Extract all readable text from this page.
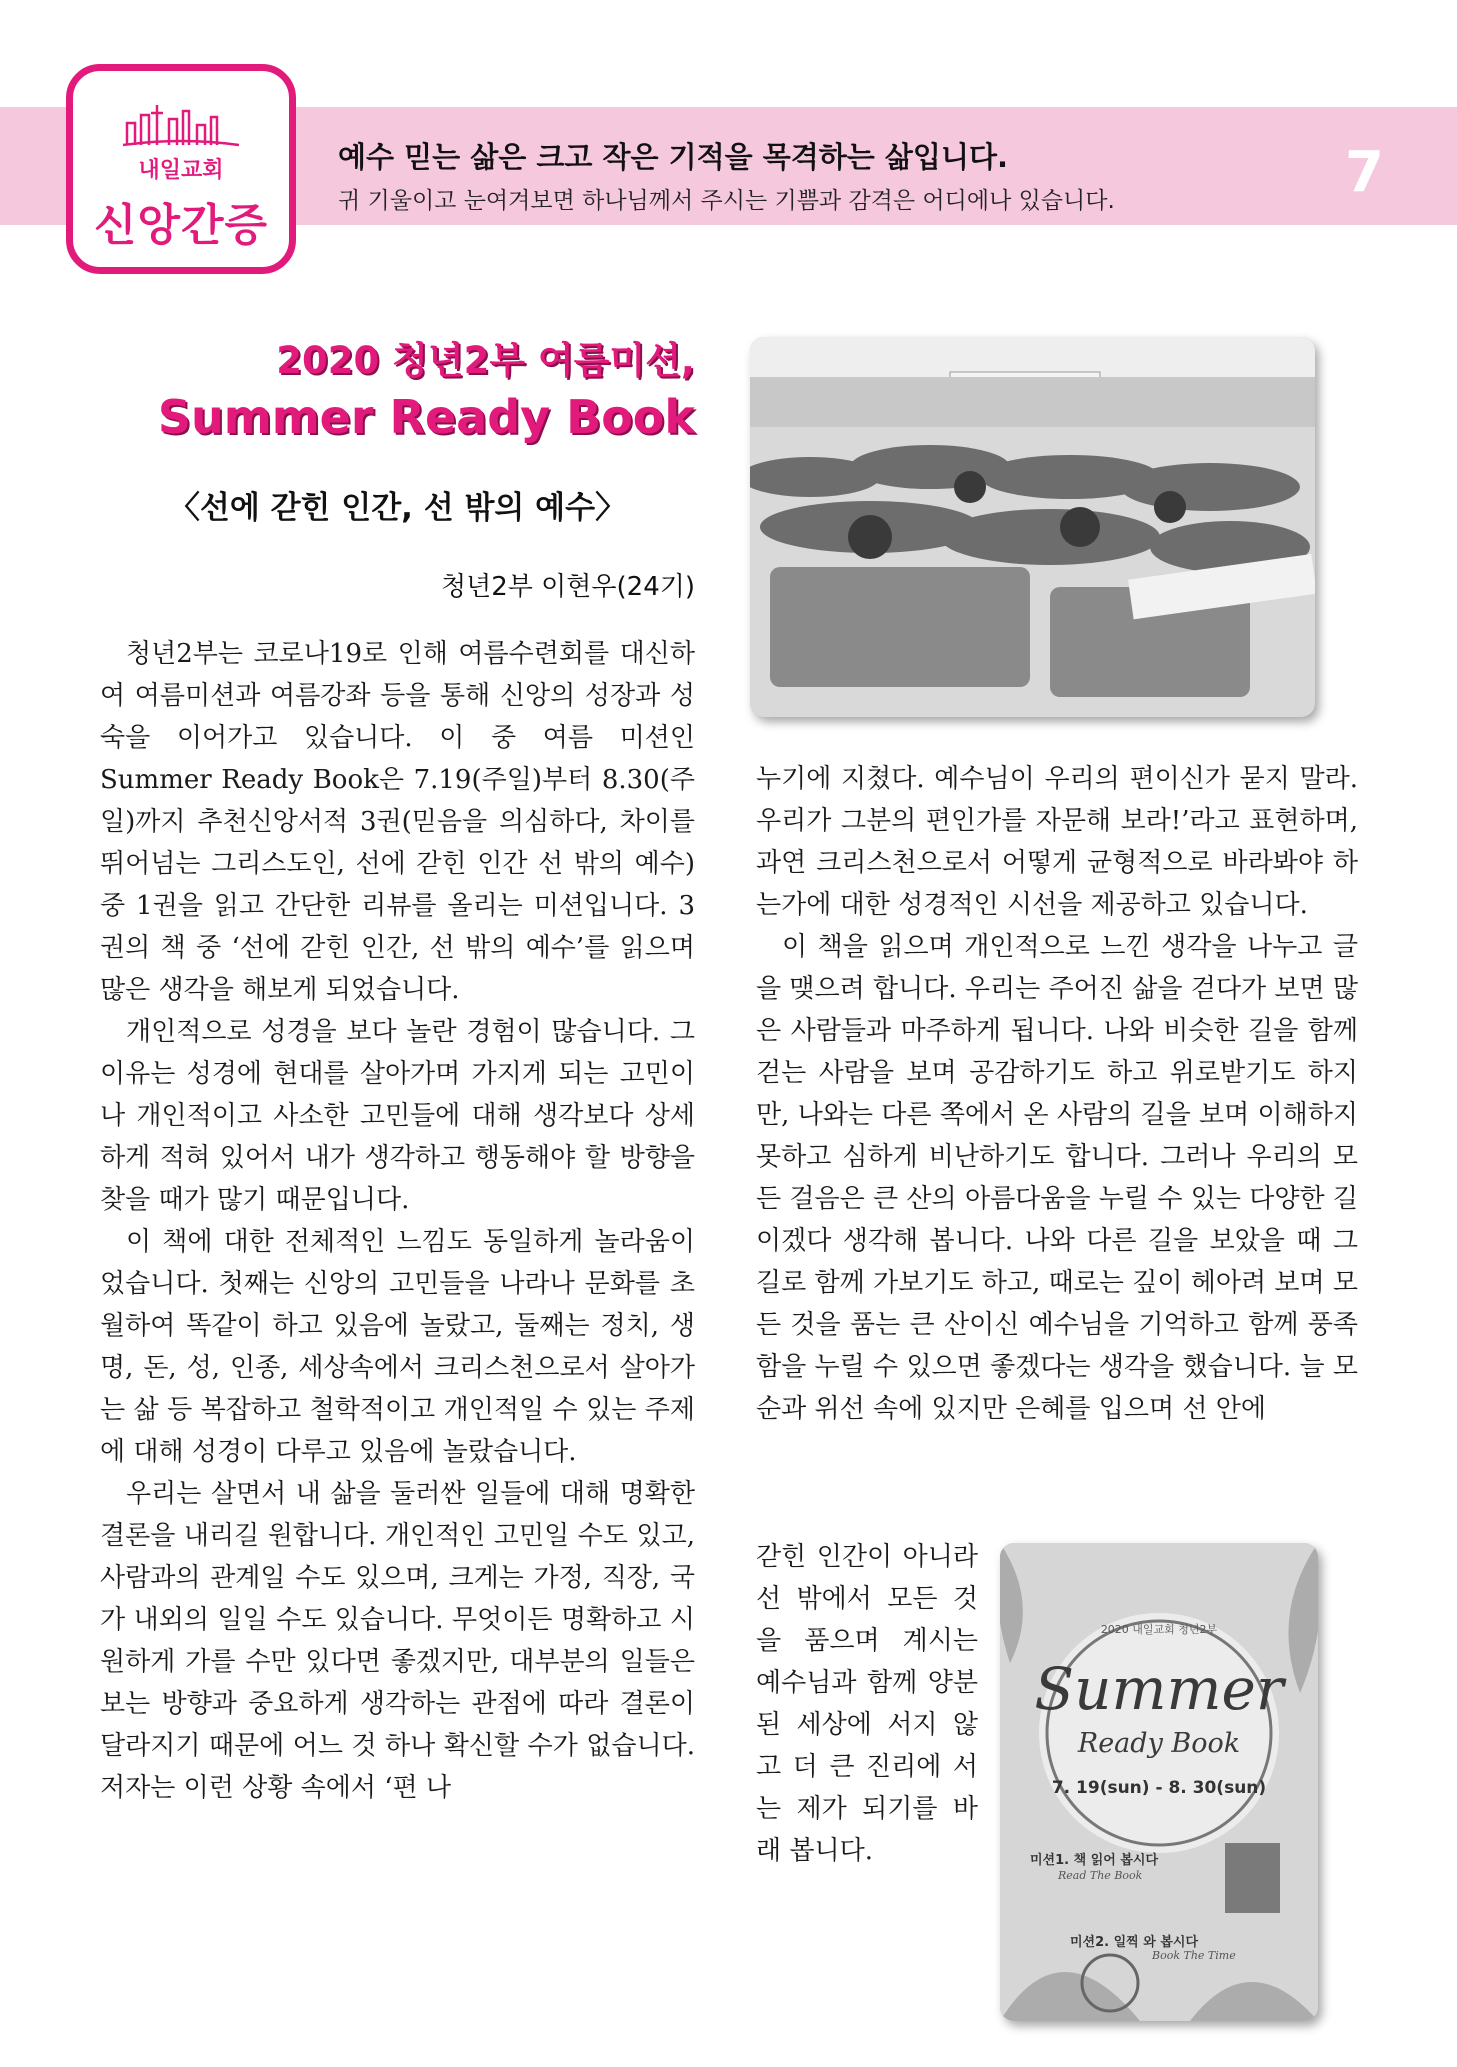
내일교회
신앙간증
예수 믿는 삶은 크고 작은 기적을 목격하는 삶입니다.
귀 기울이고 눈여겨보면 하나님께서 주시는 기쁨과 감격은 어디에나 있습니다.	7
2020 청년2부 여름미션,
Summer Ready Book
〈선에 갇힌 인간, 선 밖의 예수〉
청년2부 이현우(24기)

청년2부는 코로나19로 인해 여름수련회를 대신하여 여름미션과 여름강좌 등을 통해 신앙의 성장과 성숙을 이어가고 있습니다. 이 중 여름 미션인 Summer Ready Book은 7.19(주일)부터 8.30(주일)까지 추천신앙서적 3권(믿음을 의심하다, 차이를 뛰어넘는 그리스도인, 선에 갇힌 인간 선 밖의 예수) 중 1권을 읽고 간단한 리뷰를 올리는 미션입니다. 3권의 책 중 ‘선에 갇힌 인간, 선 밖의 예수’를 읽으며 많은 생각을 해보게 되었습니다.

개인적으로 성경을 보다 놀란 경험이 많습니다. 그 이유는 성경에 현대를 살아가며 가지게 되는 고민이나 개인적이고 사소한 고민들에 대해 생각보다 상세하게 적혀 있어서 내가 생각하고 행동해야 할 방향을 찾을 때가 많기 때문입니다.

이 책에 대한 전체적인 느낌도 동일하게 놀라움이었습니다. 첫째는 신앙의 고민들을 나라나 문화를 초월하여 똑같이 하고 있음에 놀랐고, 둘째는 정치, 생명, 돈, 성, 인종, 세상속에서 크리스천으로서 살아가는 삶 등 복잡하고 철학적이고 개인적일 수 있는 주제에 대해 성경이 다루고 있음에 놀랐습니다.

우리는 살면서 내 삶을 둘러싼 일들에 대해 명확한 결론을 내리길 원합니다. 개인적인 고민일 수도 있고, 사람과의 관계일 수도 있으며, 크게는 가정, 직장, 국가 내외의 일일 수도 있습니다. 무엇이든 명확하고 시원하게 가를 수만 있다면 좋겠지만, 대부분의 일들은 보는 방향과 중요하게 생각하는 관점에 따라 결론이 달라지기 때문에 어느 것 하나 확신할 수가 없습니다. 저자는 이런 상황 속에서 ‘편 나

누기에 지쳤다. 예수님이 우리의 편이신가 묻지 말라. 우리가 그분의 편인가를 자문해 보라!’라고 표현하며, 과연 크리스천으로서 어떻게 균형적으로 바라봐야 하는가에 대한 성경적인 시선을 제공하고 있습니다.

이 책을 읽으며 개인적으로 느낀 생각을 나누고 글을 맺으려 합니다. 우리는 주어진 삶을 걷다가 보면 많은 사람들과 마주하게 됩니다. 나와 비슷한 길을 함께 걷는 사람을 보며 공감하기도 하고 위로받기도 하지만, 나와는 다른 쪽에서 온 사람의 길을 보며 이해하지 못하고 심하게 비난하기도 합니다. 그러나 우리의 모든 걸음은 큰 산의 아름다움을 누릴 수 있는 다양한 길이겠다 생각해 봅니다. 나와 다른 길을 보았을 때 그 길로 함께 가보기도 하고, 때로는 깊이 헤아려 보며 모든 것을 품는 큰 산이신 예수님을 기억하고 함께 풍족함을 누릴 수 있으면 좋겠다는 생각을 했습니다. 늘 모순과 위선 속에 있지만 은혜를 입으며 선 안에

갇힌 인간이 아니라 선 밖에서 모든 것을 품으며 계시는 예수님과 함께 양분된 세상에 서지 않고 더 큰 진리에 서는 제가 되기를 바래 봅니다.

2020 내일교회 청년2부
Summer
Ready Book
7. 19(sun) - 8. 30(sun)
미션1. 책 읽어 봅시다
Read The Book
미션2. 일찍 와 봅시다
Book The Time
